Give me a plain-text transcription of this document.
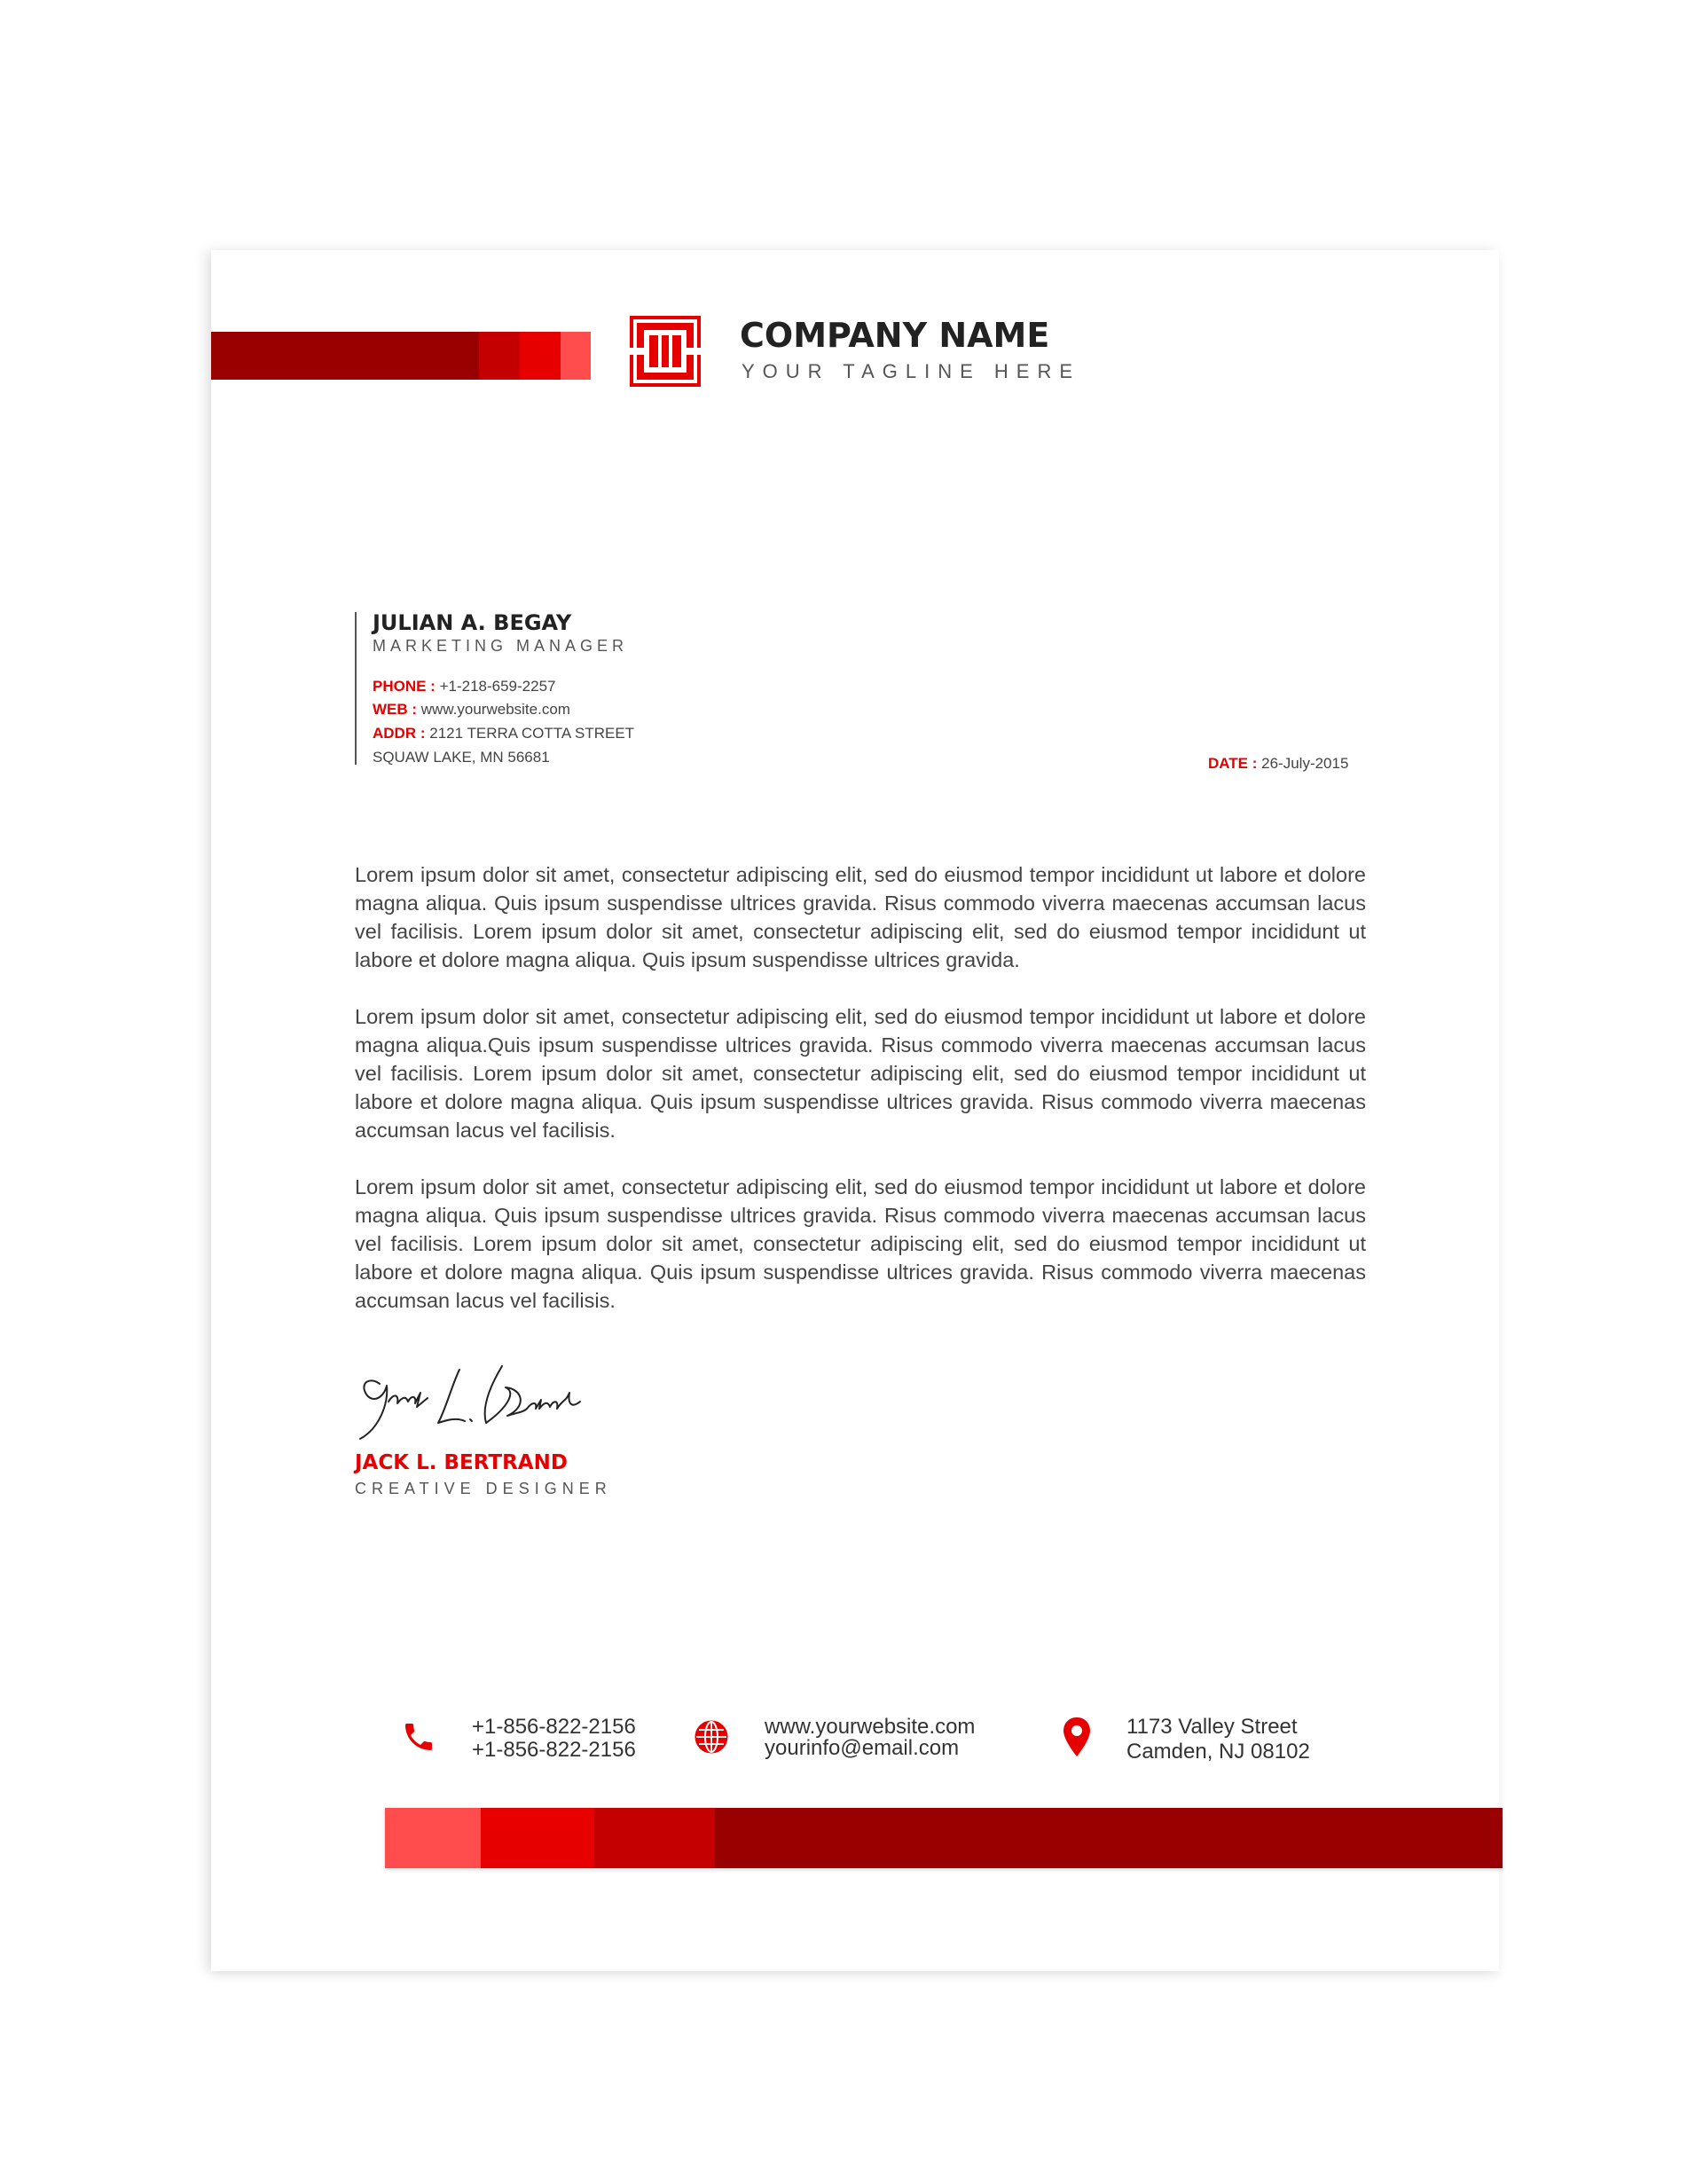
COMPANY NAME
YOUR TAGLINE HERE
JULIAN A. BEGAY
MARKETING MANAGER
PHONE : +1-218-659-2257
WEB : www.yourwebsite.com
ADDR : 2121 TERRA COTTA STREET
SQUAW LAKE, MN 56681	DATE : 26-July-2015
Lorem ipsum dolor sit amet, consectetur adipiscing elit, sed do eiusmod tempor incididunt ut labore et dolore magna aliqua. Quis ipsum suspendisse ultrices gravida. Risus commodo viverra maecenas accumsan lacus vel facilisis. Lorem ipsum dolor sit amet, consectetur adipiscing elit, sed do eiusmod tempor incididunt ut labore et dolore magna aliqua. Quis ipsum suspendisse ultrices gravida.
Lorem ipsum dolor sit amet, consectetur adipiscing elit, sed do eiusmod tempor incididunt ut labore et dolore magna aliqua.Quis ipsum suspendisse ultrices gravida. Risus commodo viverra maecenas accumsan lacus vel facilisis. Lorem ipsum dolor sit amet, consectetur adipiscing elit, sed do eiusmod tempor incididunt ut labore et dolore magna aliqua. Quis ipsum suspendisse ultrices gravida. Risus commodo viverra maecenas accumsan lacus vel facilisis.
Lorem ipsum dolor sit amet, consectetur adipiscing elit, sed do eiusmod tempor incididunt ut labore et dolore magna aliqua. Quis ipsum suspendisse ultrices gravida. Risus commodo viverra maecenas accumsan lacus vel facilisis. Lorem ipsum dolor sit amet, consectetur adipiscing elit, sed do eiusmod tempor incididunt ut labore et dolore magna aliqua. Quis ipsum suspendisse ultrices gravida. Risus commodo viverra maecenas accumsan lacus vel facilisis.
JACK L. BERTRAND
CREATIVE DESIGNER
+1-856-822-2156
+1-856-822-2156
www.yourwebsite.com
yourinfo@email.com
1173 Valley Street
Camden, NJ 08102
